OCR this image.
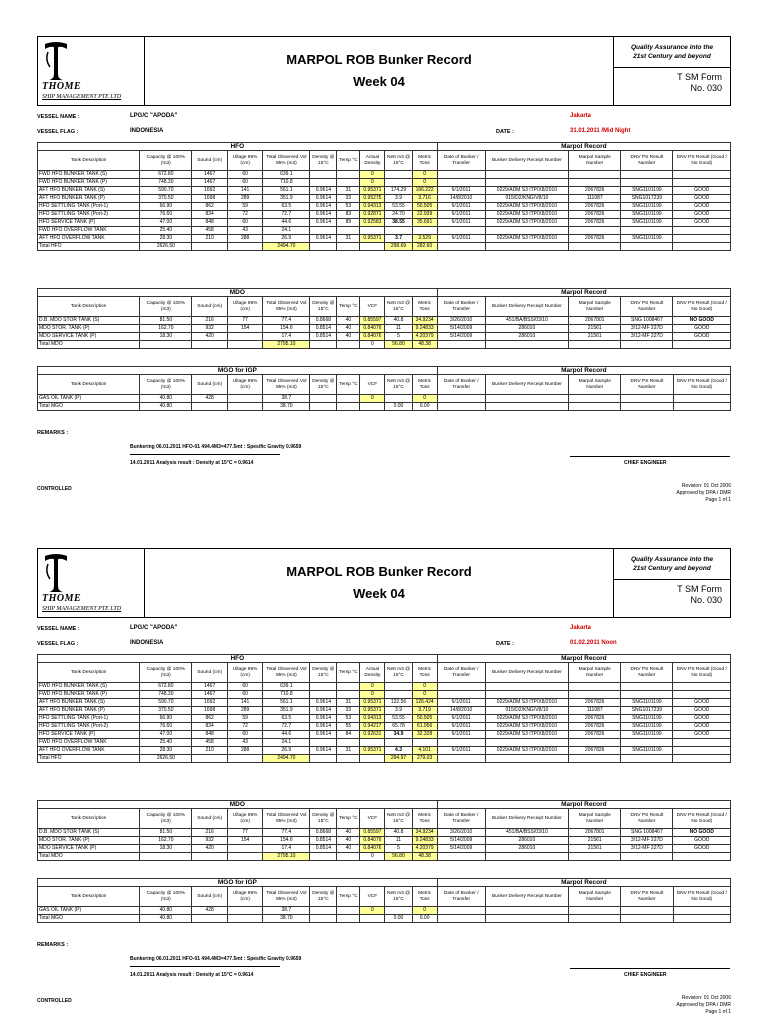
THOME
SHIP MANAGEMENT PTE LTD
MARPOL ROB Bunker Record
Week 04
Quality Assurance into the
21st Century and beyond
T SM Form
No. 030
VESSEL NAME :	LPG/C "APODA"	Jakarta
VESSEL FLAG :	INDONESIA	DATE :	31.01.2011 /Mid Night
HFO										Marpol Record				
Tank Description	Capacity @ 100% (m3)	Sound (cm)	Ullage 95% (cm)	Total Observed Vol 95% (m3)	Density @ 15°C	Temp °C	Actual Density	Nett m3 @ 15°C	Metric Tons	Date of Bunker / Transfer	Bunker Delivery Receipt Number	Marpol Sample Number	DNV PS Result Number	DNV PS Result (Good / No Good)
FWD HFO BUNKER TANK (S)	672.80	1467	60	639.1			0		0					
FWD HFO BUNKER TANK (P)	748.30	1467	60	710.8			0		0					
AFT HFO BUNKER TANK (S)	590.70	1692	141	561.1	0.9614	31	0.95371	174.29	166.222	6/1/2011	0229/ADM S3 ITP/X8/2010	2067826	SNG1101199	GOOD
AFT HFO BUNKER TANK (P)	370.50	1698	289	351.9	0.9614	33	0.95275	3.9	3.716	14/8/2010	015/D2/KNG/V8/10	111087	SNG1017239	GOOD
HFO SETTLING TANK (Port-1)	66.90	862	59	63.5	0.9614	53	0.94313	53.55	50.505	6/1/2011	0229/ADM S3 ITP/X8/2010	2067826	SNG1101199	GOOD
HFO SETTLING TANK (Port-2)	76.60	834	72	72.7	0.9614	83	0.92871	24.70	22.939	6/1/2011	0229/ADM S3 ITP/X8/2010	2067826	SNG1101199	GOOD
HFO SERVICE TANK (P)	47.00	848	60	44.6	0.9614	89	0.92583	38.55	35.691	6/1/2011	0229/ADM S3 ITP/X8/2010	2067826	SNG1101199	GOOD
FWD HFO OVERFLOW TANK	25.40	458	43	24.1										
AFT HFO OVERFLOW TANK	28.30	210	288	26.9	0.9614	31	0.95371	3.7	3.529	6/1/2011	0229/ADM S3 ITP/X8/2010	2067826	SNG1101199	
Total HFO	2626.50			2494.70				298.69	282.60					
MDO										Marpol Record				
Tank Description	Capacity @ 100% (m3)	Sound (cm)	Ullage 95% (cm)	Total Observed Vol 95% (m3)	Density @ 15°C	Temp °C	VCF	Nett m3 @ 15°C	Metric Tons	Date of Bunker / Transfer	Bunker Delivery Receipt Number	Marpol Sample Number	DNV PS Result Number	DNV PS Result (Good / No Good)
D.B. MDO STOR TANK (S)	81.50	216	77	77.4	0.8668	40	0.85597	40.8	34.9234	3/26/2010	451/BA/BSS/03/10	2067801	SNG 1008467	NO GOOD
MDO STOR. TANK (P)	162.70	932	154	154.6	0.8514	40	0.84076	11	9.24833	5/14/2009	286010	21561	3/12-MF 227D	GOOD
MDO SERVICE TANK (P)	18.30	420		17.4	0.8514	40	0.84076	5	4.20379	5/14/2009	286010	21561	3/12-MF 227D	GOOD
Total MDO				2795.10			0	56.80	48.38					
MGO for IGP										Marpol Record				
Tank Description	Capacity @ 100% (m3)	Sound (cm)	Ullage 95% (cm)	Total Observed Vol 95% (m3)	Density @ 15°C	Temp °C	VCF	Nett m3 @ 15°C	Metric Tons	Date of Bunker / Transfer	Bunker Delivery Receipt Number	Marpol Sample Number	DNV PS Result Number	DNV PS Result (Good / No Good)
GAS OIL TANK (P)	40.80	428		38.7			0		0					
Total MGO	40.80			38.70				0.00	0.00					
REMARKS :
Bunkering 06.01.2011 HFO-01 494.4M3=477.5mt : Spesific Gravity 0.9659
14.01.2011 Analysis result : Density at 15°C = 0.9614	CHIEF ENGINEER
CONTROLLED	Revision: 01 Oct 2006
Approved by DPA / DMR
Page 1 of 1
THOME
SHIP MANAGEMENT PTE LTD
MARPOL ROB Bunker Record
Week 04
Quality Assurance into the
21st Century and beyond
T SM Form
No. 030
VESSEL NAME :	LPG/C "APODA"	Jakarta
VESSEL FLAG :	INDONESIA	DATE :	01.02.2011 Noon
HFO										Marpol Record				
Tank Description	Capacity @ 100% (m3)	Sound (cm)	Ullage 95% (cm)	Total Observed Vol 95% (m3)	Density @ 15°C	Temp °C	Actual Density	Nett m3 @ 15°C	Metric Tons	Date of Bunker / Transfer	Bunker Delivery Receipt Number	Marpol Sample Number	DNV PS Result Number	DNV PS Result (Good / No Good)
FWD HFO BUNKER TANK (S)	672.80	1467	60	639.1			0		0					
FWD HFO BUNKER TANK (P)	748.30	1467	60	710.8			0		0					
AFT HFO BUNKER TANK (S)	590.70	1692	141	561.1	0.9614	31	0.95371	132.56	126.424	6/1/2011	0229/ADM S3 ITP/X8/2010	2067826	SNG1101199	GOOD
AFT HFO BUNKER TANK (P)	370.50	1698	289	351.9	0.9614	33	0.95371	3.9	3.719	14/8/2010	015/D2/KNG/V8/10	111087	SNG1017239	GOOD
HFO SETTLING TANK (Port-1)	66.90	862	59	63.5	0.9614	53	0.94313	53.55	50.505	6/1/2011	0229/ADM S3 ITP/X8/2010	2067826	SNG1101199	GOOD
HFO SETTLING TANK (Port-2)	76.60	834	72	72.7	0.9614	55	0.94217	65.78	61.956	6/1/2011	0229/ADM S3 ITP/X8/2010	2067826	SNG1101199	GOOD
HFO SERVICE TANK (P)	47.00	848	60	44.6	0.9614	84	0.92631	34.9	32.328	6/1/2011	0229/ADM S3 ITP/X8/2010	2067826	SNG1101199	GOOD
FWD HFO OVERFLOW TANK	25.40	458	43	24.1										
AFT HFO OVERFLOW TANK	28.30	210	288	26.9	0.9614	31	0.95371	4.3	4.101	6/1/2011	0229/ADM S3 ITP/X8/2010	2067826	SNG1101199	
Total HFO	2626.50			2494.70				294.97	279.03					
MDO										Marpol Record				
Tank Description	Capacity @ 100% (m3)	Sound (cm)	Ullage 95% (cm)	Total Observed Vol 95% (m3)	Density @ 15°C	Temp °C	VCF	Nett m3 @ 15°C	Metric Tons	Date of Bunker / Transfer	Bunker Delivery Receipt Number	Marpol Sample Number	DNV PS Result Number	DNV PS Result (Good / No Good)
D.B. MDO STOR TANK (S)	81.50	216	77	77.4	0.8668	40	0.85597	40.8	34.9234	3/26/2010	451/BA/BSS/03/10	2067801	SNG 1008467	NO GOOD
MDO STOR. TANK (P)	162.70	932	154	154.6	0.8514	40	0.84076	11	9.24833	5/14/2009	286010	21561	3/12-MF 227D	GOOD
MDO SERVICE TANK (P)	18.30	420		17.4	0.8514	40	0.84076	5	4.20379	5/14/2009	286010	21561	3/12-MF 227D	GOOD
Total MDO				2795.10			0	56.80	48.38					
MGO for IGP										Marpol Record				
Tank Description	Capacity @ 100% (m3)	Sound (cm)	Ullage 95% (cm)	Total Observed Vol 95% (m3)	Density @ 15°C	Temp °C	VCF	Nett m3 @ 15°C	Metric Tons	Date of Bunker / Transfer	Bunker Delivery Receipt Number	Marpol Sample Number	DNV PS Result Number	DNV PS Result (Good / No Good)
GAS OIL TANK (P)	40.80	428		38.7			0		0					
Total MGO	40.80			38.70				0.00	0.00					
REMARKS :
Bunkering 06.01.2011 HFO-01 494.4M3=477.5mt : Spesific Gravity 0.9659
14.01.2011 Analysis result : Density at 15°C = 0.9614	CHIEF ENGINEER
CONTROLLED	Revision: 01 Oct 2006
Approved by DPA / DMR
Page 1 of 1
